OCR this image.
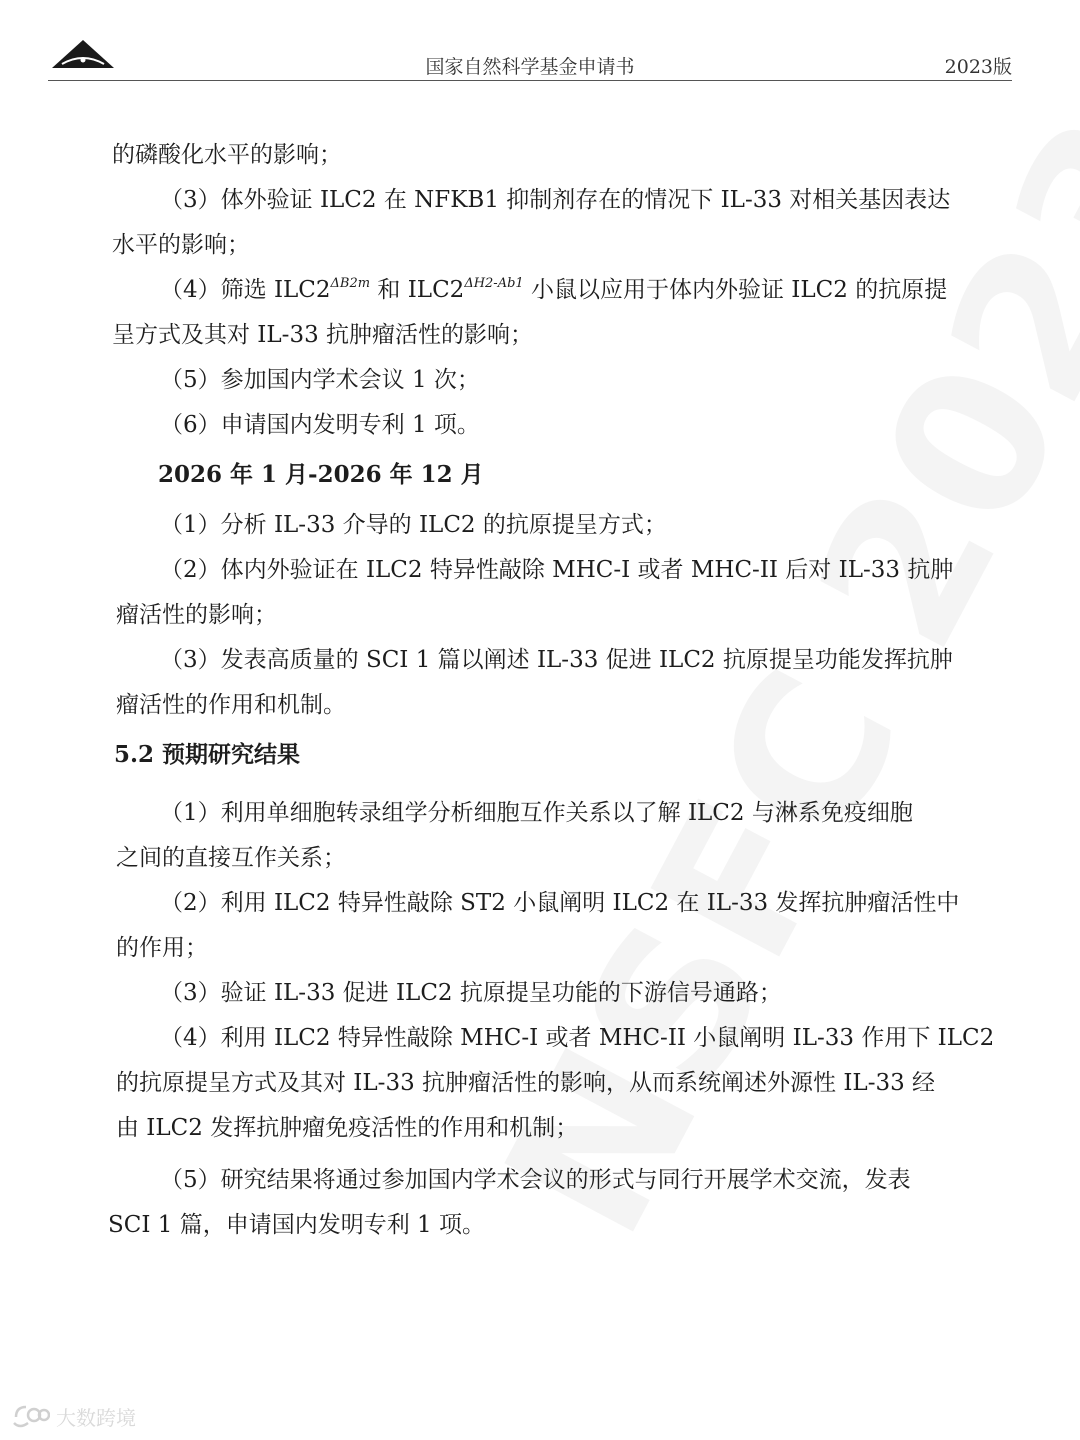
国家自然科学基金申请书	2023版
的磷酸化水平的影响；
（3）体外验证 ILC2 在 NFKB1 抑制剂存在的情况下 IL-33 对相关基因表达
水平的影响；
（4）筛选 $ILC2^{\Delta B2m}$ 和 $ILC2^{\Delta H2-Ab1}$ 小鼠以应用于体内外验证 ILC2 的抗原提
呈方式及其对 IL-33 抗肿瘤活性的影响；
（5）参加国内学术会议 1 次；
（6）申请国内发明专利 1 项。
2026 年 1 月-2026 年 12 月
（1）分析 IL-33 介导的 ILC2 的抗原提呈方式；
（2）体内外验证在 ILC2 特异性敲除 MHC-I 或者 MHC-II 后对 IL-33 抗肿
瘤活性的影响；
（3）发表高质量的 SCI 1 篇以阐述 IL-33 促进 ILC2 抗原提呈功能发挥抗肿
瘤活性的作用和机制。
5.2 预期研究结果
（1）利用单细胞转录组学分析细胞互作关系以了解 ILC2 与淋系免疫细胞
之间的直接互作关系；
（2）利用 ILC2 特异性敲除 ST2 小鼠阐明 ILC2 在 IL-33 发挥抗肿瘤活性中
的作用；
（3）验证 IL-33 促进 ILC2 抗原提呈功能的下游信号通路；
（4）利用 ILC2 特异性敲除 MHC-I 或者 MHC-II 小鼠阐明 IL-33 作用下 ILC2
的抗原提呈方式及其对 IL-33 抗肿瘤活性的影响，从而系统阐述外源性 IL-33 经
由 ILC2 发挥抗肿瘤免疫活性的作用和机制；
（5）研究结果将通过参加国内学术会议的形式与同行开展学术交流，发表
SCI 1 篇，申请国内发明专利 1 项。
大数跨境
